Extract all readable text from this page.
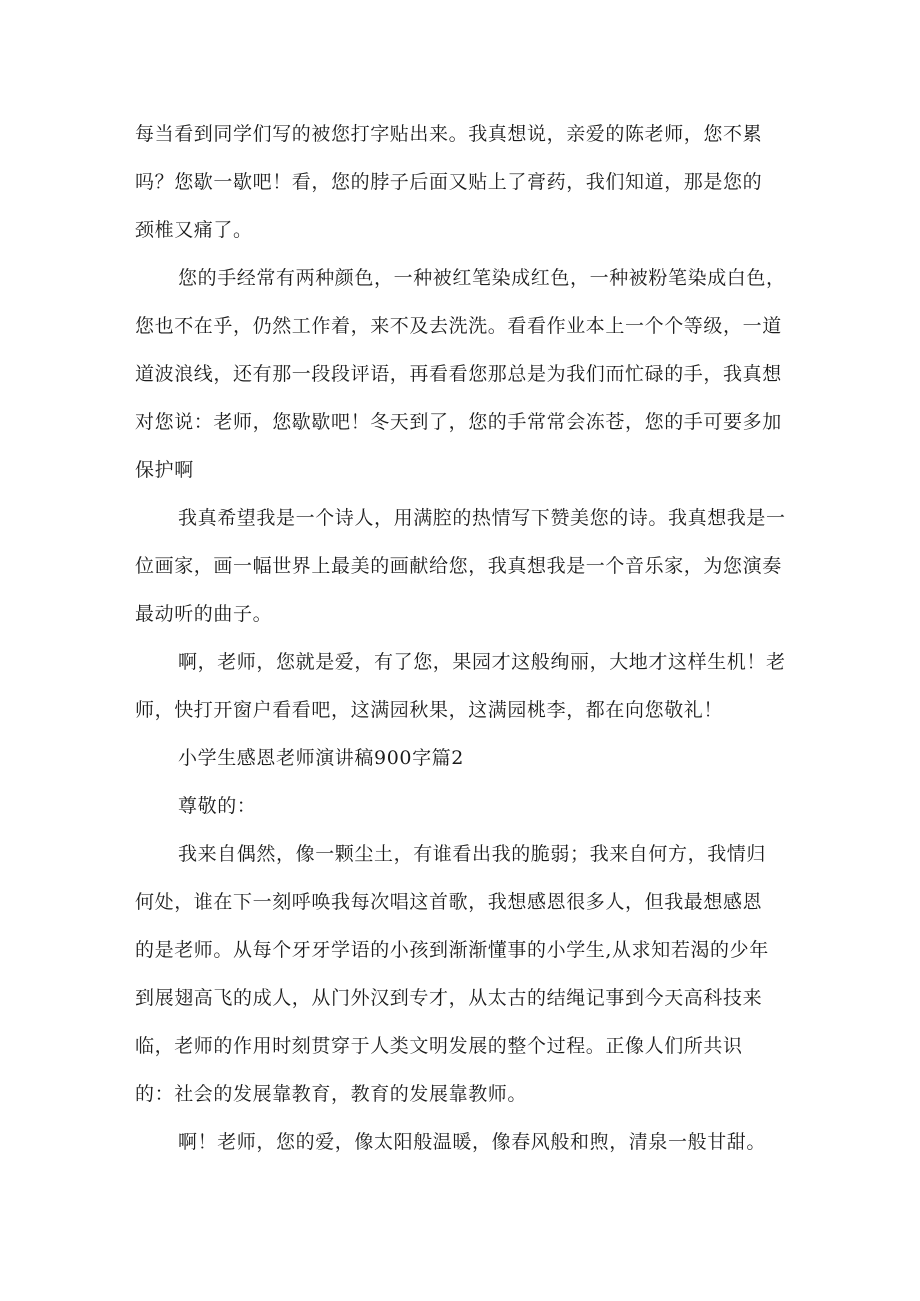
每当看到同学们写的被您打字贴出来。我真想说，亲爱的陈老师，您不累
吗？您歇一歇吧！看，您的脖子后面又贴上了膏药，我们知道，那是您的
颈椎又痛了。
您的手经常有两种颜色，一种被红笔染成红色，一种被粉笔染成白色，
您也不在乎，仍然工作着，来不及去洗洗。看看作业本上一个个等级，一道
道波浪线，还有那一段段评语，再看看您那总是为我们而忙碌的手，我真想
对您说：老师，您歇歇吧！冬天到了，您的手常常会冻苍，您的手可要多加
保护啊
我真希望我是一个诗人，用满腔的热情写下赞美您的诗。我真想我是一
位画家，画一幅世界上最美的画献给您，我真想我是一个音乐家，为您演奏
最动听的曲子。
啊，老师，您就是爱，有了您，果园才这般绚丽，大地才这样生机！老
师，快打开窗户看看吧，这满园秋果，这满园桃李，都在向您敬礼！
小学生感恩老师演讲稿900字篇2
尊敬的：
我来自偶然，像一颗尘土，有谁看出我的脆弱；我来自何方，我情归
何处，谁在下一刻呼唤我每次唱这首歌，我想感恩很多人，但我最想感恩
的是老师。从每个牙牙学语的小孩到渐渐懂事的小学生,从求知若渴的少年
到展翅高飞的成人，从门外汉到专才，从太古的结绳记事到今天高科技来
临，老师的作用时刻贯穿于人类文明发展的整个过程。正像人们所共识
的：社会的发展靠教育，教育的发展靠教师。
啊！老师，您的爱，像太阳般温暖，像春风般和煦，清泉一般甘甜。
